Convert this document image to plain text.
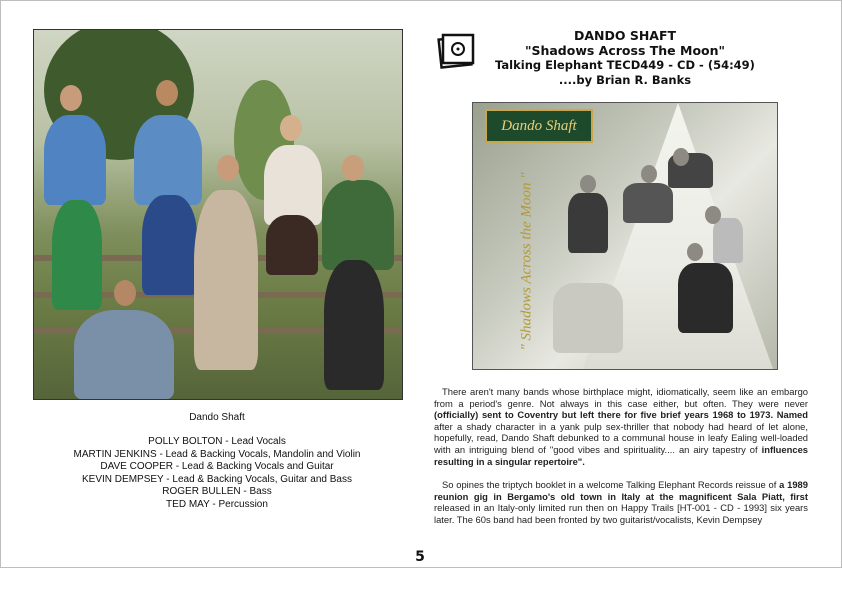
Dando Shaft
POLLY BOLTON - Lead Vocals
MARTIN JENKINS - Lead & Backing Vocals, Mandolin and Violin
DAVE COOPER - Lead & Backing Vocals and Guitar
KEVIN DEMPSEY - Lead & Backing Vocals, Guitar and Bass
ROGER BULLEN - Bass
TED MAY - Percussion
DANDO SHAFT
"Shadows Across The Moon"
Talking Elephant TECD449 - CD - (54:49)
....by Brian R. Banks
Dando Shaft
" Shadows Across the Moon "

There aren't many bands whose birthplace might, idiomatically, seem like an embargo from a period's genre. Not always in this case either, but often. They were never (officially) sent to Coventry but left there for five brief years 1968 to 1973. Named after a shady character in a yank pulp sex-thriller that nobody had heard of let alone, hopefully, read, Dando Shaft debunked to a communal house in leafy Ealing well-loaded with an intriguing blend of "good vibes and spirituality.... an airy tapestry of influences resulting in a singular repertoire".

So opines the triptych booklet in a welcome Talking Elephant Records reissue of a 1989 reunion gig in Bergamo's old town in Italy at the magnificent Sala Piatt, first released in an Italy-only limited run then on Happy Trails [HT-001 - CD - 1993] six years later. The 60s band had been fronted by two guitarist/vocalists, Kevin Dempsey

5
